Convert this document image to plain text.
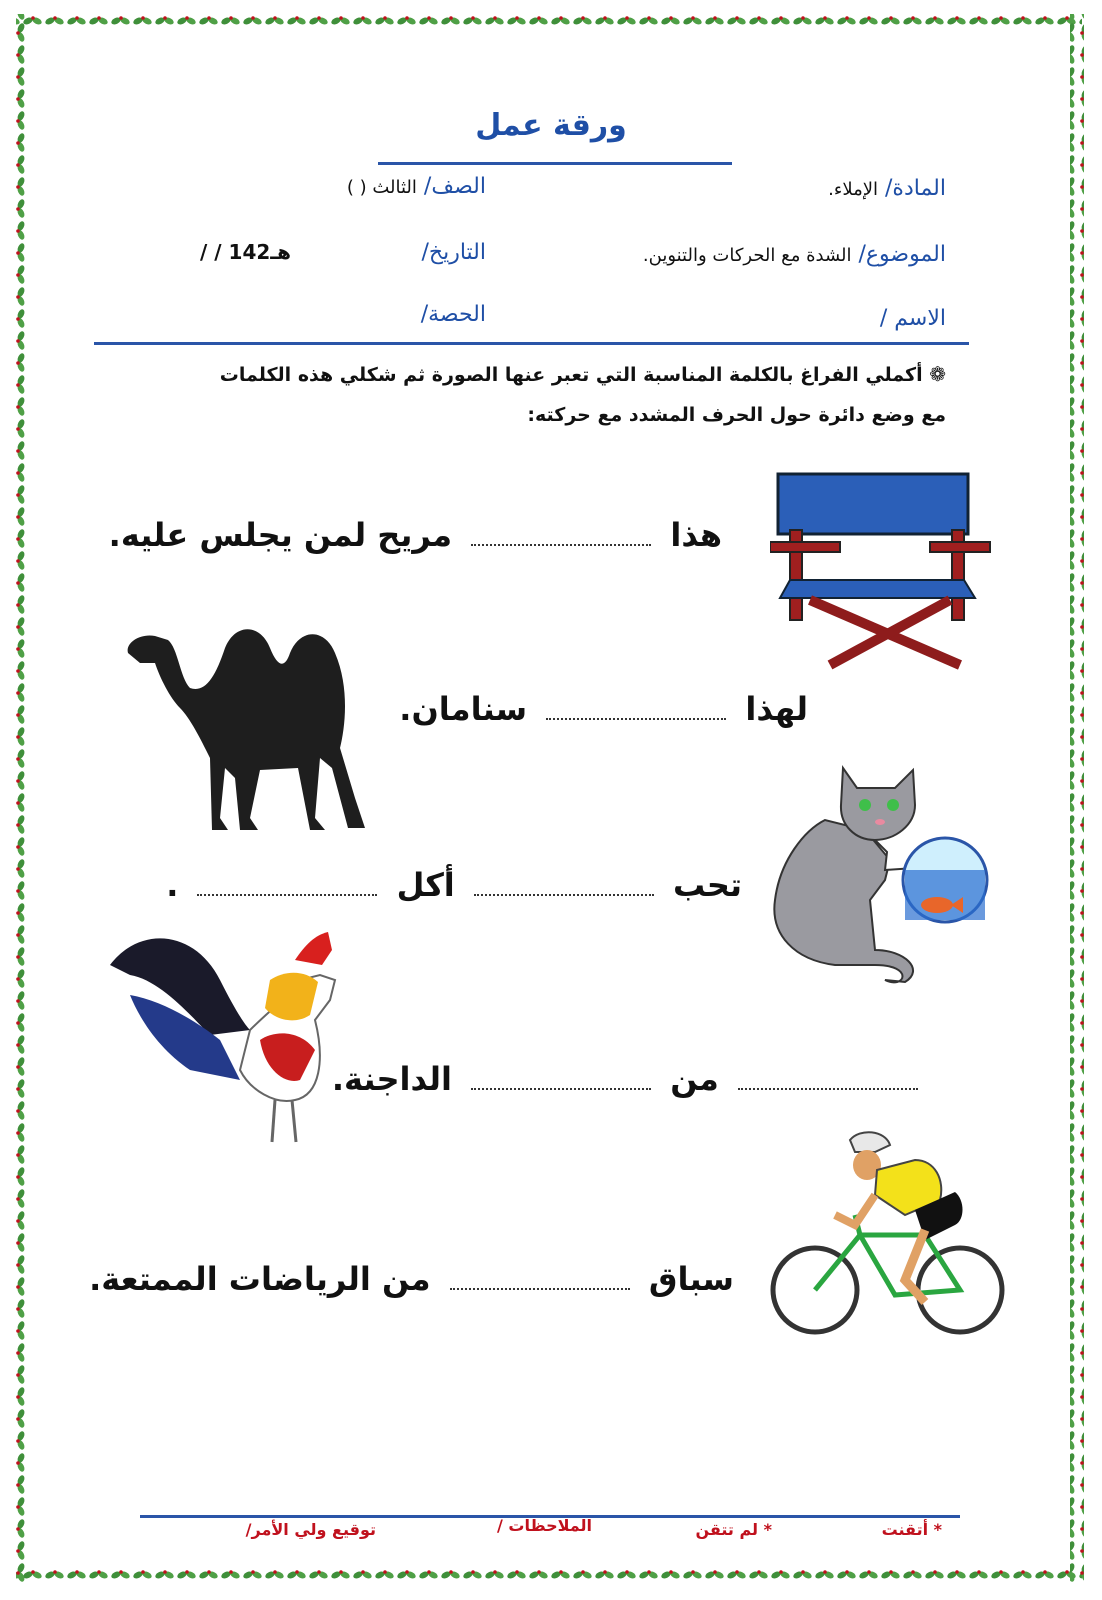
ورقة عمل
المادة/ الإملاء.
الصف/ الثالث ( )
الموضوع/ الشدة مع الحركات والتنوين.
التاريخ/
/ / 142هـ
الاسم /
الحصة/
❁ أكملي الفراغ بالكلمة المناسبة التي تعبر عنها الصورة ثم شكلي هذه الكلمات
مع وضع دائرة حول الحرف المشدد مع حركته:
هذا  مريح لمن يجلس عليه.
لهذا  سنامان.
تحب  أكل  .
من  الداجنة.
سباق  من الرياضات الممتعة.
* أتقنت
* لم تتقن
الملاحظات /
توقيع ولي الأمر/
